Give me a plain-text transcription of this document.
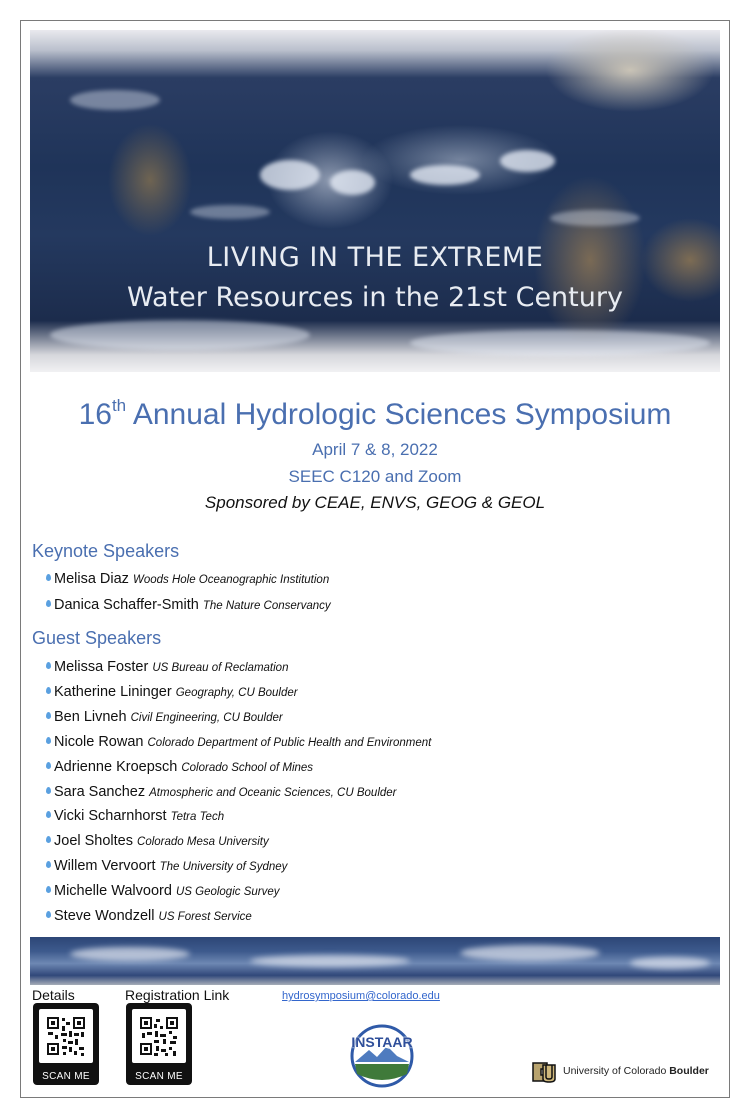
LIVING IN THE EXTREME
Water Resources in the 21st Century
16th Annual Hydrologic Sciences Symposium
April 7 & 8, 2022
SEEC C120 and Zoom
Sponsored by CEAE, ENVS, GEOG & GEOL
Keynote Speakers
Melisa Diaz Woods Hole Oceanographic Institution
Danica Schaffer-Smith The Nature Conservancy
Guest Speakers
Melissa Foster US Bureau of Reclamation
Katherine Lininger Geography, CU Boulder
Ben Livneh Civil Engineering, CU Boulder
Nicole Rowan Colorado Department of Public Health and Environment
Adrienne Kroepsch Colorado School of Mines
Sara Sanchez Atmospheric and Oceanic Sciences, CU Boulder
Vicki Scharnhorst Tetra Tech
Joel Sholtes Colorado Mesa University
Willem Vervoort The University of Sydney
Michelle Walvoord US Geologic Survey
Steve Wondzell US Forest Service
Details	Registration Link	hydrosymposium@colorado.edu
SCAN ME	SCAN ME
INSTAAR
University of Colorado Boulder
